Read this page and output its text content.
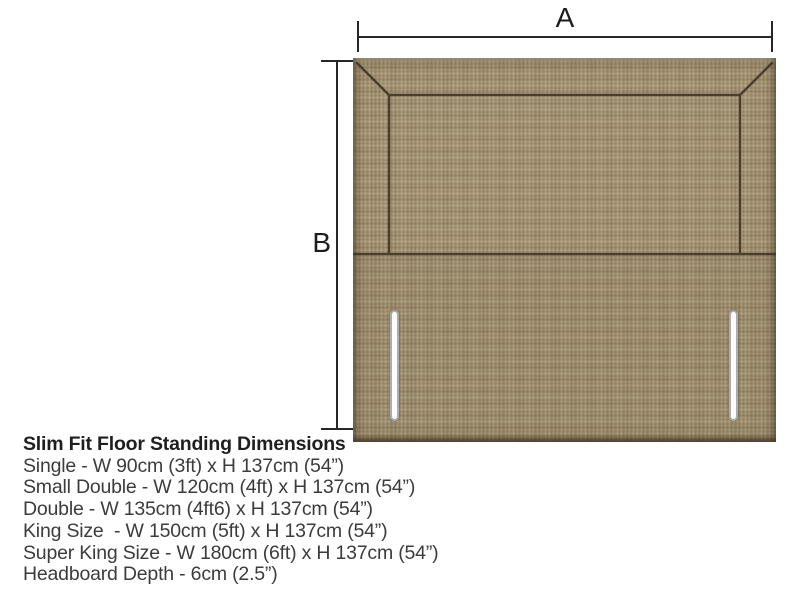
A
B
Slim Fit Floor Standing Dimensions
Single - W 90cm (3ft) x H 137cm (54”)
Small Double - W 120cm (4ft) x H 137cm (54”)
Double - W 135cm (4ft6) x H 137cm (54”)
King Size  - W 150cm (5ft) x H 137cm (54”)
Super King Size - W 180cm (6ft) x H 137cm (54”)
Headboard Depth - 6cm (2.5”)
